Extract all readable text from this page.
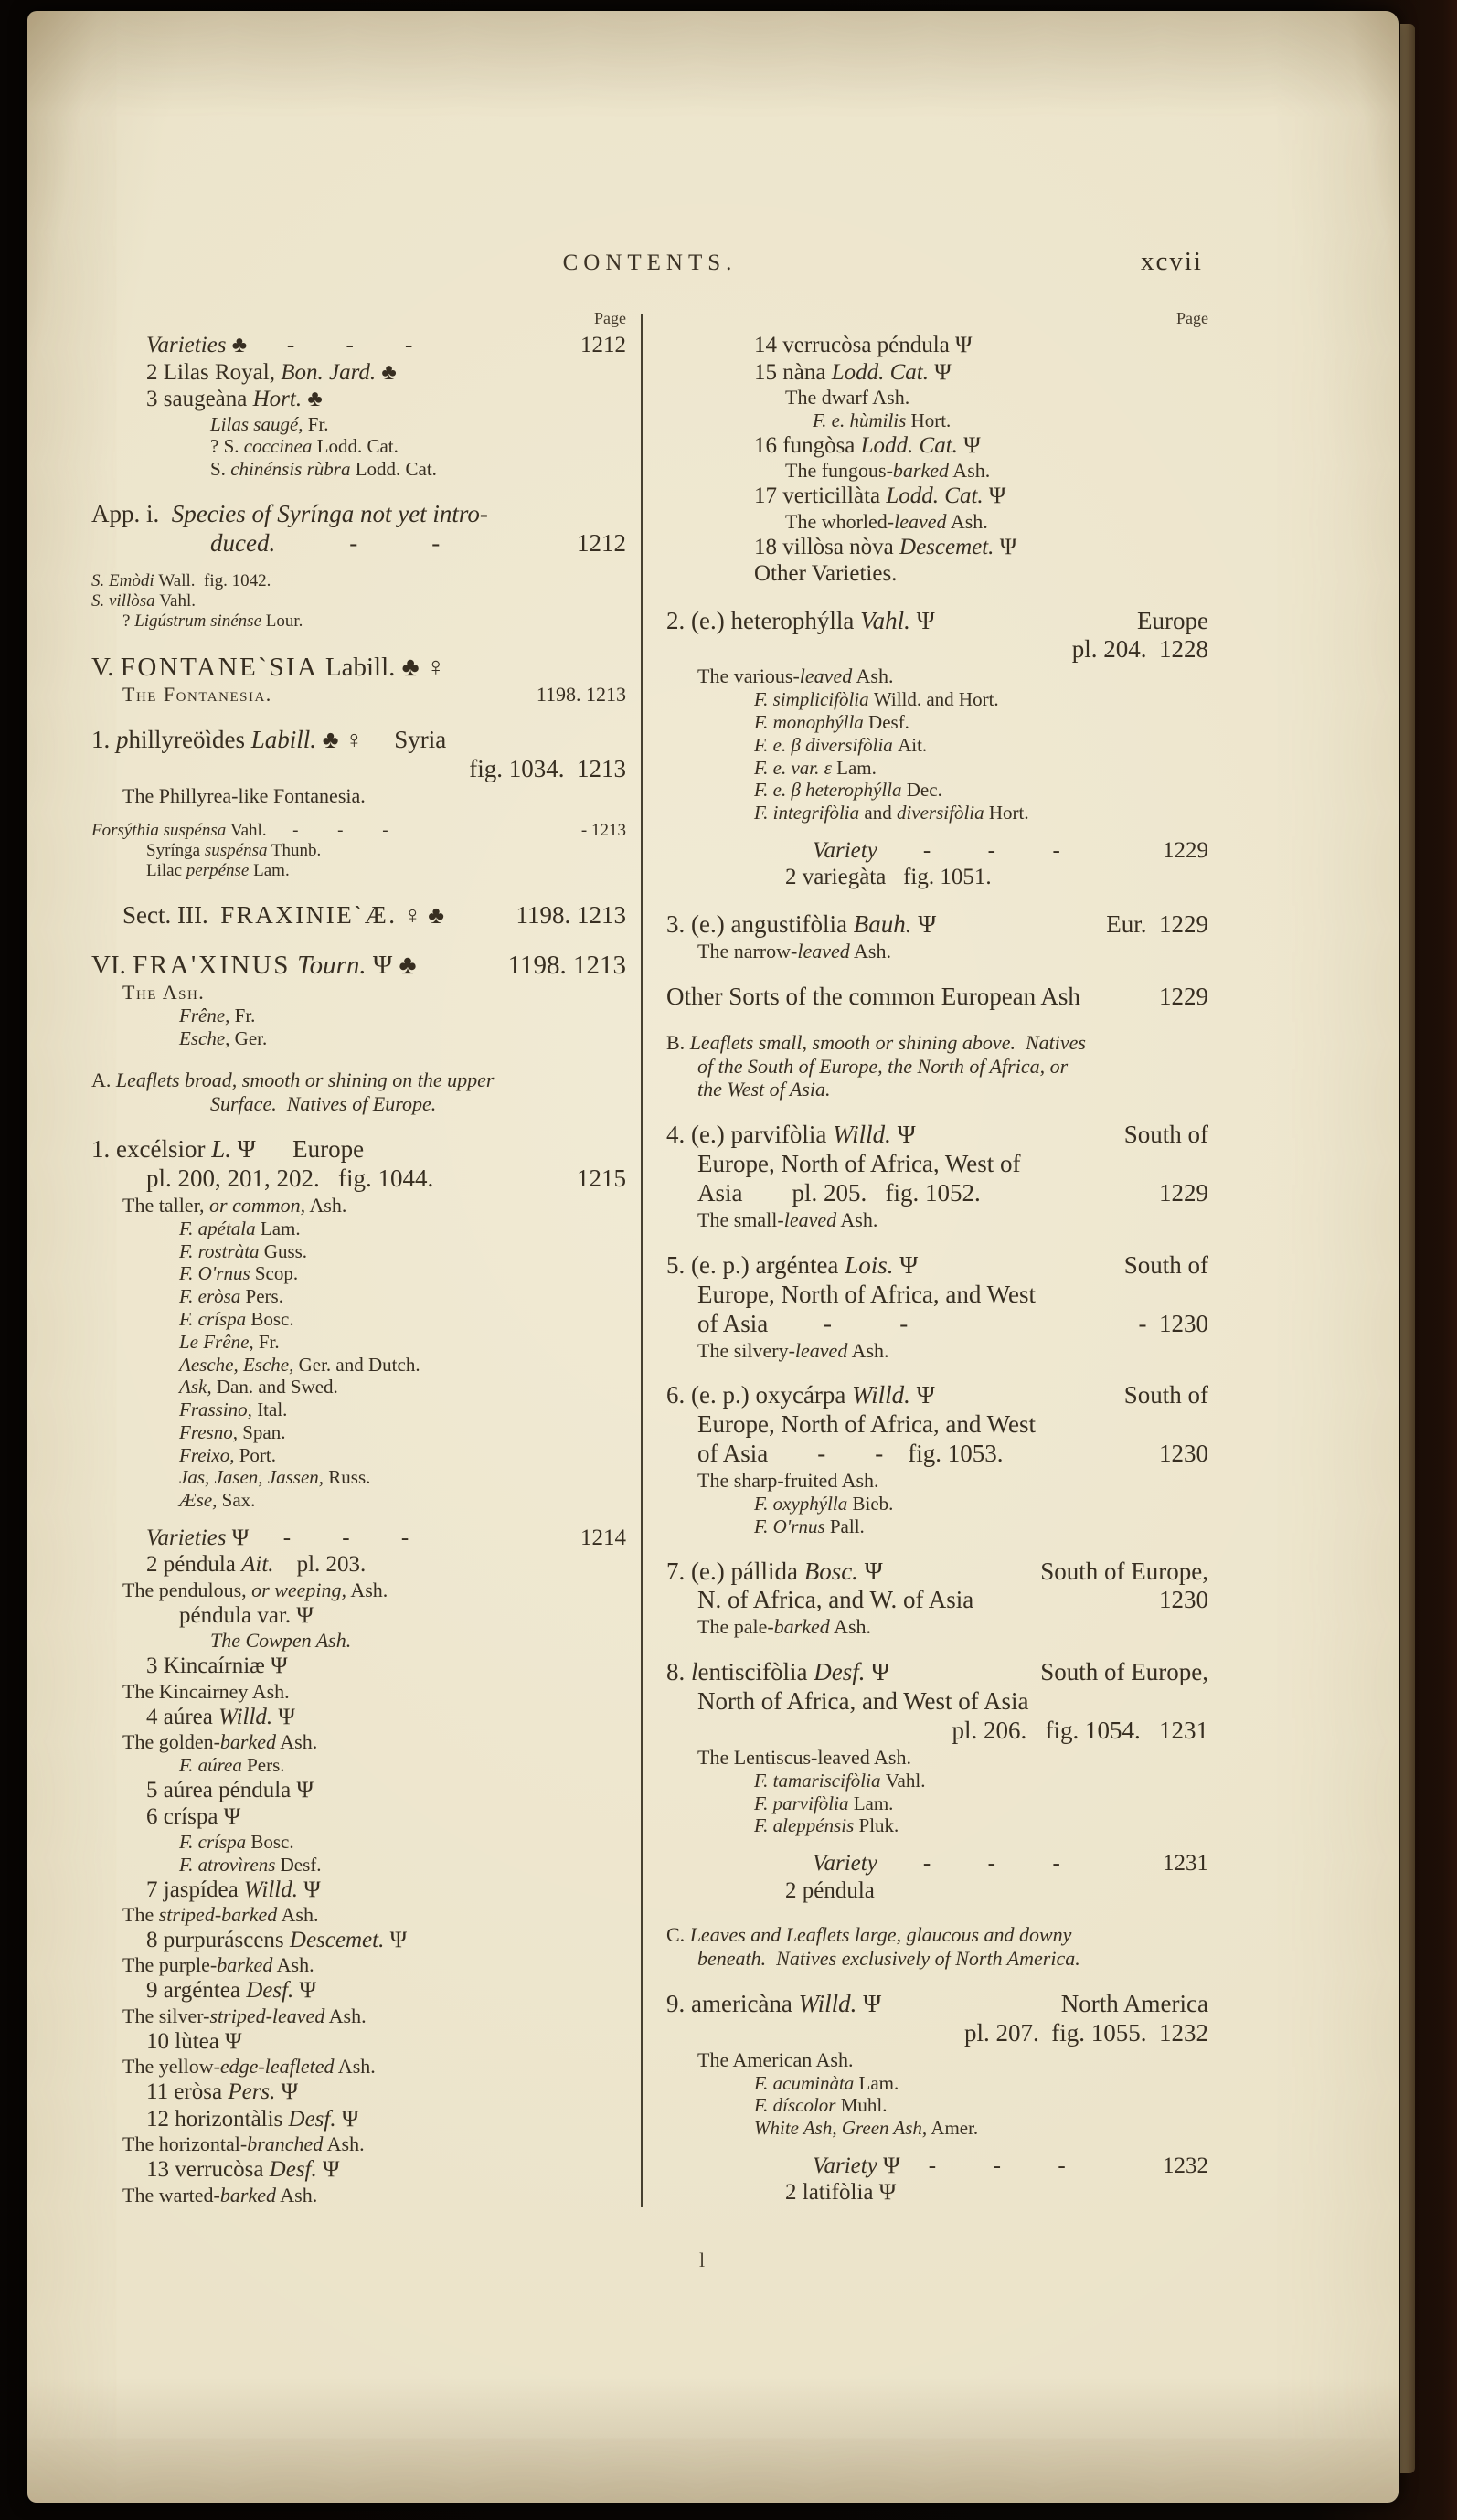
CONTENTS.	xcvii
Page
Varieties ♣       -         -         -	1212
2 Lilas Royal, Bon. Jard. ♣
3 saugeàna Hort. ♣
Lilas saugé, Fr.
? S. coccinea Lodd. Cat.
S. chinénsis rùbra Lodd. Cat.
App. i.  Species of Syrínga not yet intro-
duced.            -            -	1212
S. Emòdi Wall.  fig. 1042.
S. villòsa Vahl.
? Ligústrum sinénse Lour.
V. FONTANE`SIA Labill. ♣ ♀
The Fontanesia.	1198. 1213
1. phillyreöìdes Labill. ♣ ♀     Syria
fig. 1034.  1213
The Phillyrea-like Fontanesia.
Forsýthia suspénsa Vahl.      -         -         -	- 1213
Syrínga suspénsa Thunb.
Lilac perpénse Lam.
Sect. III.  FRAXINIE`Æ. ♀ ♣	1198. 1213
VI. FRA'XINUS Tourn. Ψ ♣	1198. 1213
The Ash.
Frêne, Fr.
Esche, Ger.
A. Leaflets broad, smooth or shining on the upper
Surface.  Natives of Europe.
1. excélsior L. Ψ      Europe
pl. 200, 201, 202.   fig. 1044.	1215
The taller, or common, Ash.
F. apétala Lam.
F. rostràta Guss.
F. O'rnus Scop.
F. eròsa Pers.
F. críspa Bosc.
Le Frêne, Fr.
Aesche, Esche, Ger. and Dutch.
Ask, Dan. and Swed.
Frassino, Ital.
Fresno, Span.
Freixo, Port.
Jas, Jasen, Jassen, Russ.
Æse, Sax.
Varieties Ψ      -         -         -	1214
2 péndula Ait.    pl. 203.
The pendulous, or weeping, Ash.
péndula var. Ψ
The Cowpen Ash.
3 Kincaírniæ Ψ
The Kincairney Ash.
4 aúrea Willd. Ψ
The golden-barked Ash.
F. aúrea Pers.
5 aúrea péndula Ψ
6 críspa Ψ
F. críspa Bosc.
F. atrovìrens Desf.
7 jaspídea Willd. Ψ
The striped-barked Ash.
8 purpuráscens Descemet. Ψ
The purple-barked Ash.
9 argéntea Desf. Ψ
The silver-striped-leaved Ash.
10 lùtea Ψ
The yellow-edge-leafleted Ash.
11 eròsa Pers. Ψ
12 horizontàlis Desf. Ψ
The horizontal-branched Ash.
13 verrucòsa Desf. Ψ
The warted-barked Ash.
Page
14 verrucòsa péndula Ψ
15 nàna Lodd. Cat. Ψ
The dwarf Ash.
F. e. hùmilis Hort.
16 fungòsa Lodd. Cat. Ψ
The fungous-barked Ash.
17 verticillàta Lodd. Cat. Ψ
The whorled-leaved Ash.
18 villòsa nòva Descemet. Ψ
Other Varieties.
2. (e.) heterophýlla Vahl. Ψ	Europe
pl. 204.  1228
The various-leaved Ash.
F. simplicifòlia Willd. and Hort.
F. monophýlla Desf.
F. e. β diversifòlia Ait.
F. e. var. ε Lam.
F. e. β heterophýlla Dec.
F. integrifòlia and diversifòlia Hort.
Variety        -          -          -	1229
2 variegàta   fig. 1051.
3. (e.) angustifòlia Bauh. Ψ	Eur.  1229
The narrow-leaved Ash.
Other Sorts of the common European Ash	1229
B. Leaflets small, smooth or shining above.  Natives
of the South of Europe, the North of Africa, or
the West of Asia.
4. (e.) parvifòlia Willd. Ψ	South of
Europe, North of Africa, West of
Asia        pl. 205.   fig. 1052.	1229
The small-leaved Ash.
5. (e. p.) argéntea Lois. Ψ	South of
Europe, North of Africa, and West
of Asia         -           -	-  1230
The silvery-leaved Ash.
6. (e. p.) oxycárpa Willd. Ψ	South of
Europe, North of Africa, and West
of Asia        -        -    fig. 1053.	1230
The sharp-fruited Ash.
F. oxyphýlla Bieb.
F. O'rnus Pall.
7. (e.) pállida Bosc. Ψ	South of Europe,
N. of Africa, and W. of Asia	1230
The pale-barked Ash.
8. lentiscifòlia Desf. Ψ	South of Europe,
North of Africa, and West of Asia
pl. 206.   fig. 1054.   1231
The Lentiscus-leaved Ash.
F. tamariscifòlia Vahl.
F. parvifòlia Lam.
F. aleppénsis Pluk.
Variety        -          -          -	1231
2 péndula
C. Leaves and Leaflets large, glaucous and downy
beneath.  Natives exclusively of North America.
9. americàna Willd. Ψ	North America
pl. 207.  fig. 1055.  1232
The American Ash.
F. acuminàta Lam.
F. díscolor Muhl.
White Ash, Green Ash, Amer.
Variety Ψ     -          -          -	1232
2 latifòlia Ψ
l
